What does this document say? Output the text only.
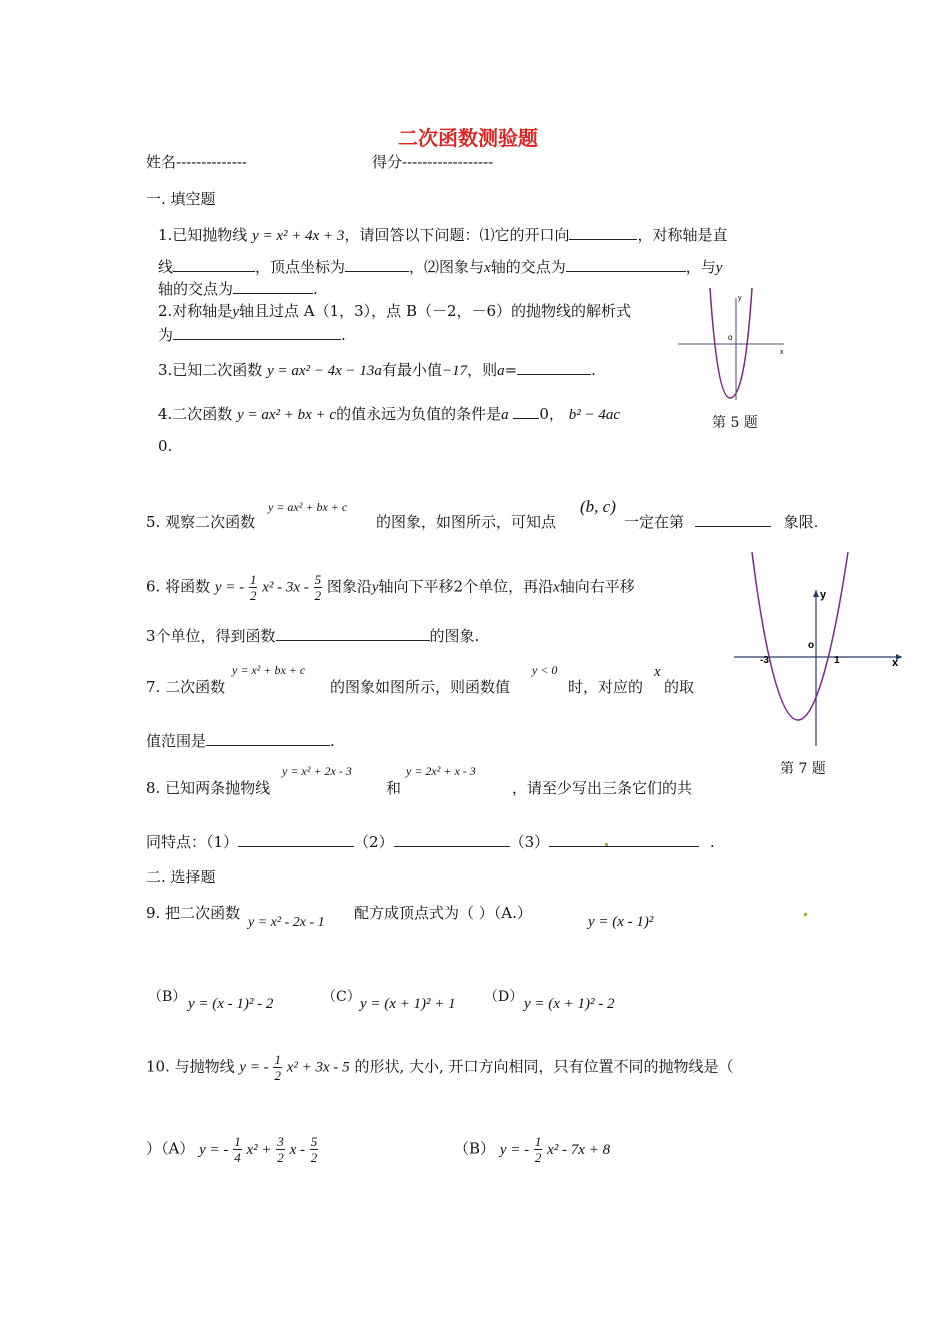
二次函数测验题
姓名--------------	得分------------------
一. 填空题
1.已知抛物线 y = x² + 4x + 3，请回答以下问题：⑴它的开口向	，对称轴是直
线	，顶点坐标为	，⑵图象与x轴的交点为	，与y
轴的交点为	.
2.对称轴是y轴且过点 A（1，3），点 B（－2，－6）的抛物线的解析式
为	.
3.已知二次函数 y = ax² − 4x − 13a有最小值−17，则a=	.
4.二次函数 y = ax² + bx + c的值永远为负值的条件是a 0， b² − 4ac
0.
o
x
y
第 5 题
5. 观察二次函数
y = ax² + bx + c
的图象，如图所示，可知点
(b, c)
一定在第	象限.
y
o
-3	1	x
第 7 题
6. 将函数 y = - $\frac{1}{2} x^2 - 3x - \frac{5}{2}$ 图象沿y轴向下平移2个单位，再沿x轴向右平移
3个单位，得到函数	的图象.
7. 二次函数
y = x² + bx + c
的图象如图所示，则函数值
y < 0
时，对应的
x
的取
值范围是	.
8. 已知两条抛物线
y = x² + 2x - 3
和
y = 2x² + x - 3
，请至少写出三条它们的共
同特点：（1）	（2）	（3）	.
二. 选择题
9. 把二次函数
y = x² - 2x - 1
配方成顶点式为（ ）（A.）	y = (x - 1)²
（B） y = (x - 1)² - 2	（C） y = (x + 1)² + 1 （D） y = (x + 1)² - 2
10. 与抛物线 y = - $\frac{1}{2} x^2 + 3x - 5$ 的形状, 大小, 开口方向相同，只有位置不同的抛物线是（
）（A） y = - $\frac{1}{4} x^2 + \frac{3}{2}$ x - $\frac{5}{2}$	（B） y = - $\frac{1}{2} x^2 - 7x + 8$
